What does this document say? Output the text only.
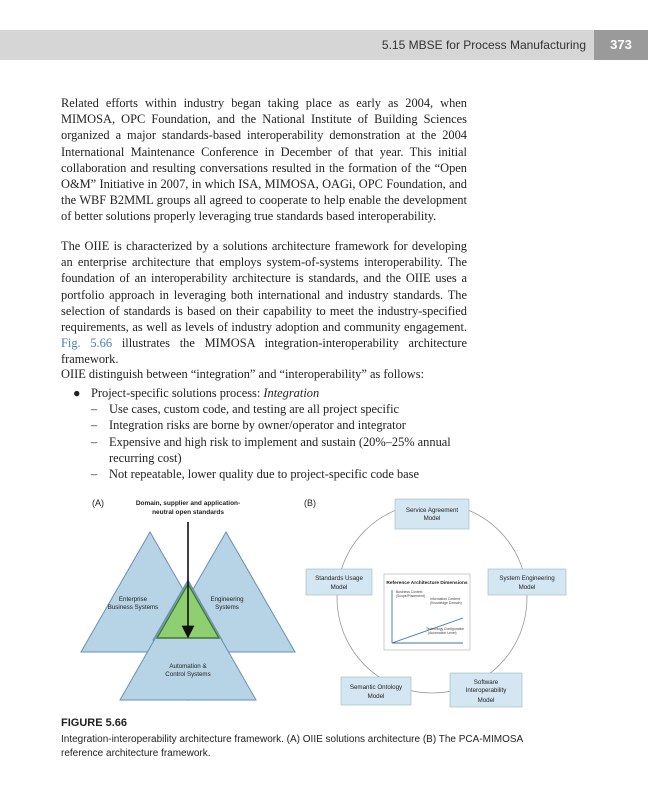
5.15 MBSE for Process Manufacturing	373

Related efforts within industry began taking place as early as 2004, when MIMOSA, OPC Foundation, and the National Institute of Building Sciences organized a major standards-based interoperability demonstration at the 2004 International Maintenance Conference in December of that year. This initial collaboration and resulting conversations resulted in the formation of the “Open O&M” Initiative in 2007, in which ISA, MIMOSA, OAGi, OPC Foundation, and the WBF B2MML groups all agreed to cooperate to help enable the development of better solutions properly leveraging true standards based interoperability.

The OIIE is characterized by a solutions architecture framework for developing an enterprise architecture that employs system-of-systems interoperability. The foundation of an interoperability architecture is standards, and the OIIE uses a portfolio approach in leveraging both international and industry standards. The selection of standards is based on their capability to meet the industry-specified requirements, as well as levels of industry adoption and community engagement. Fig. 5.66 illustrates the MIMOSA integration-interoperability architecture framework.

OIIE distinguish between “integration” and “interoperability” as follows:

● Project-specific solutions process: Integration
– Use cases, custom code, and testing are all project specific
– Integration risks are borne by owner/operator and integrator
– Expensive and high risk to implement and sustain (20%–25% annual recurring cost)
– Not repeatable, lower quality due to project-specific code base
(A)	Domain, supplier and application-
neutral open standards
Enterprise
Business Systems
Engineering
Systems
Automation &
Control Systems
(B)
Service Agreement
Model
Standards Usage
Model
System Engineering
Model
Semantic Ontology
Model
Software
Interoperability
Model
Reference Architecture Dimensions
Business Context
(Scope/Placement)
Information Content
(Knowledge Domain)
Technology Configuration
(Automation Level)
FIGURE 5.66
Integration-interoperability architecture framework. (A) OIIE solutions architecture (B) The PCA-MIMOSA reference architecture framework.
